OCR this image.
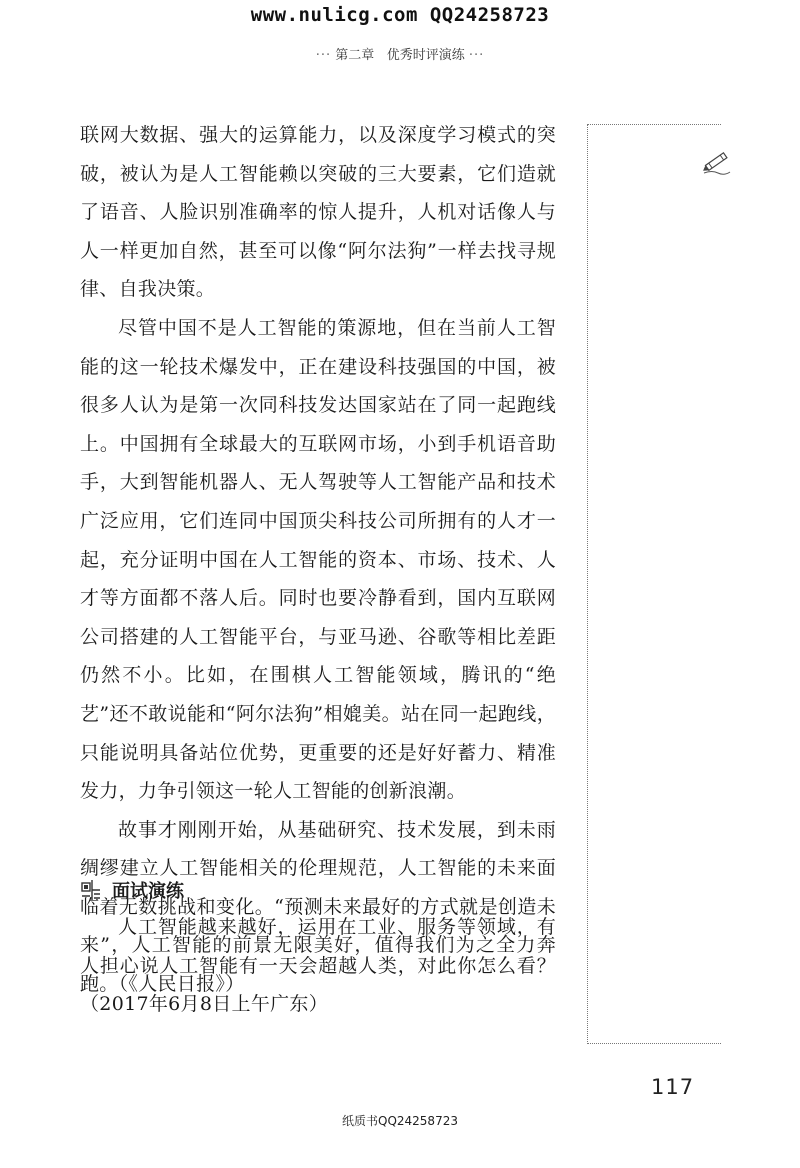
www.nulicg.com QQ24258723
··· 第二章 优秀时评演练 ···

联网大数据、强大的运算能力，以及深度学习模式的突破，被认为是人工智能赖以突破的三大要素，它们造就了语音、人脸识别准确率的惊人提升，人机对话像人与人一样更加自然，甚至可以像“阿尔法狗”一样去找寻规律、自我决策。

尽管中国不是人工智能的策源地，但在当前人工智能的这一轮技术爆发中，正在建设科技强国的中国，被很多人认为是第一次同科技发达国家站在了同一起跑线上。中国拥有全球最大的互联网市场，小到手机语音助手，大到智能机器人、无人驾驶等人工智能产品和技术广泛应用，它们连同中国顶尖科技公司所拥有的人才一起，充分证明中国在人工智能的资本、市场、技术、人才等方面都不落人后。同时也要冷静看到，国内互联网公司搭建的人工智能平台，与亚马逊、谷歌等相比差距仍然不小。比如，在围棋人工智能领域，腾讯的“绝艺”还不敢说能和“阿尔法狗”相媲美。站在同一起跑线，只能说明具备站位优势，更重要的还是好好蓄力、精准发力，力争引领这一轮人工智能的创新浪潮。

故事才刚刚开始，从基础研究、技术发展，到未雨绸缪建立人工智能相关的伦理规范，人工智能的未来面临着无数挑战和变化。“预测未来最好的方式就是创造未来”，人工智能的前景无限美好，值得我们为之全力奔跑。（《人民日报》）

面试演练

人工智能越来越好，运用在工业、服务等领域，有人担心说人工智能有一天会超越人类，对此你怎么看？（2017年6月8日上午广东）

117
纸质书QQ24258723
